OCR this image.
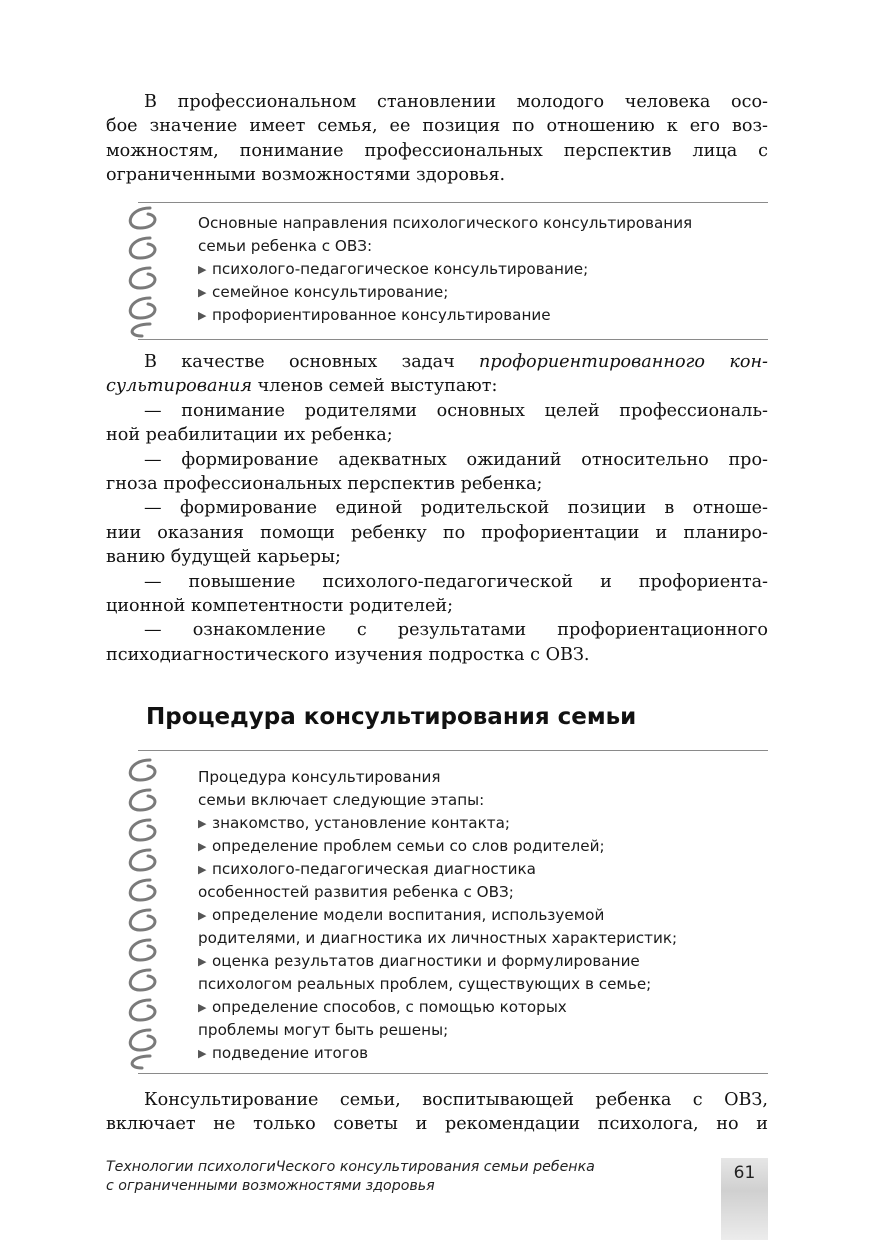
В профессиональном становлении молодого человека осо-
бое значение имеет семья, ее позиция по отношению к его воз-
можностям, понимание профессиональных перспектив лица с
ограниченными возможностями здоровья.
Основные направления психологического консультирования
семьи ребенка с ОВЗ:
▶ психолого-педагогическое консультирование;
▶ семейное консультирование;
▶ профориентированное консультирование
В качестве основных задач профориентированного кон-
сультирования членов семей выступают:
— понимание родителями основных целей профессиональ-
ной реабилитации их ребенка;
— формирование адекватных ожиданий относительно про-
гноза профессиональных перспектив ребенка;
— формирование единой родительской позиции в отноше-
нии оказания помощи ребенку по профориентации и планиро-
ванию будущей карьеры;
— повышение психолого-педагогической и профориента-
ционной компетентности родителей;
— ознакомление с результатами профориентационного
психодиагностического изучения подростка с ОВЗ.
Процедура консультирования семьи
Процедура консультирования
семьи включает следующие этапы:
▶ знакомство, установление контакта;
▶ определение проблем семьи со слов родителей;
▶ психолого-педагогическая диагностика
особенностей развития ребенка с ОВЗ;
▶ определение модели воспитания, используемой
родителями, и диагностика их личностных характеристик;
▶ оценка результатов диагностики и формулирование
психологом реальных проблем, существующих в семье;
▶ определение способов, с помощью которых
проблемы могут быть решены;
▶ подведение итогов
Консультирование семьи, воспитывающей ребенка с ОВЗ,
включает не только советы и рекомендации психолога, но и
Технологии психологиЧеского консультирования семьи ребенка
с ограниченными возможностями здоровья
61
